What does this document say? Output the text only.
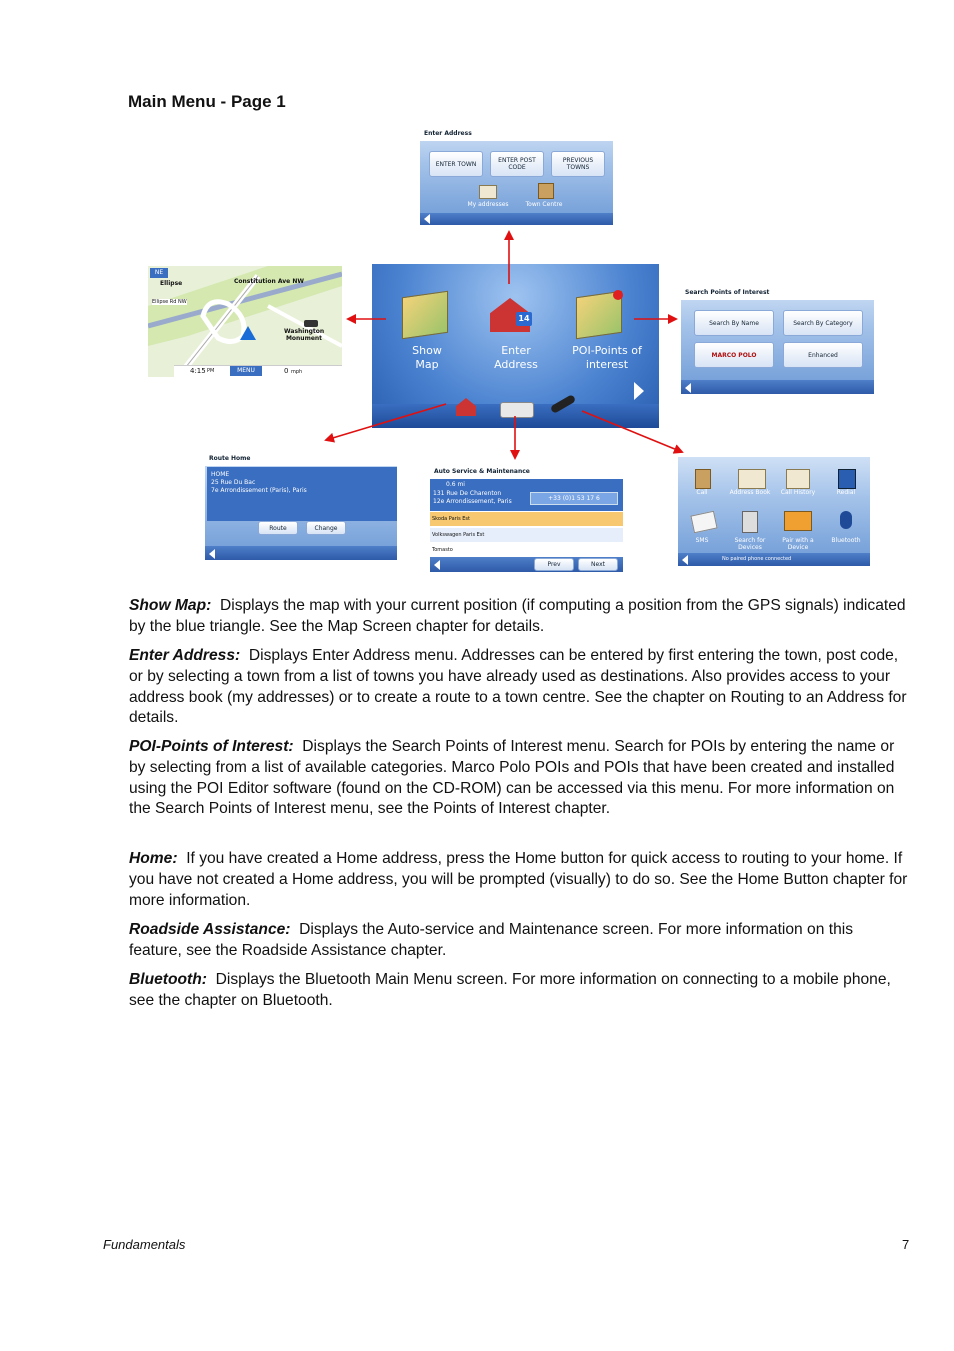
Main Menu - Page 1
Enter Address
ENTER TOWN	ENTER POST CODE
PREVIOUS TOWNS
My addresses	Town Centre
NE
Ellipse	Constitution Ave NW
Ellipse Rd NW
Washington Monument
4:15 PM	MENU	0 mph
14
Show Map
Enter Address
POI-Points of interest
Search Points of Interest
Search By Name	Search By Category
MARCO POLO	Enhanced
Route Home
HOME
25 Rue Du Bac
7e Arrondissement (Paris), Paris
Route	Change
Auto Service & Maintenance
0.6 mi
131 Rue De Charenton
12e Arrondissement, Paris	+33 (0)1 53 17 6
Skoda Paris Est
Volkswagen Paris Est
Tomasto
Prev	Next
Call	Address Book	Call History	Redial
SMS	Search for Devices
Pair with a Device
Bluetooth
No paired phone connected
Show Map: Displays the map with your current position (if computing a position from the GPS signals) indicated by the blue triangle. See the Map Screen chapter for details.
Enter Address: Displays Enter Address menu. Addresses can be entered by first entering the town, post code, or by selecting a town from a list of towns you have already used as destinations. Also provides access to your address book (my addresses) or to create a route to a town centre. See the chapter on Routing to an Address for details.
POI-Points of Interest: Displays the Search Points of Interest menu. Search for POIs by entering the name or by selecting from a list of available categories. Marco Polo POIs and POIs that have been created and installed using the POI Editor software (found on the CD-ROM) can be accessed via this menu. For more information on the Search Points of Interest menu, see the Points of Interest chapter.
Home: If you have created a Home address, press the Home button for quick access to routing to your home. If you have not created a Home address, you will be prompted (visually) to do so. See the Home Button chapter for more information.
Roadside Assistance: Displays the Auto-service and Maintenance screen. For more information on this feature, see the Roadside Assistance chapter.
Bluetooth: Displays the Bluetooth Main Menu screen. For more information on connecting to a mobile phone, see the chapter on Bluetooth.
Fundamentals	7
